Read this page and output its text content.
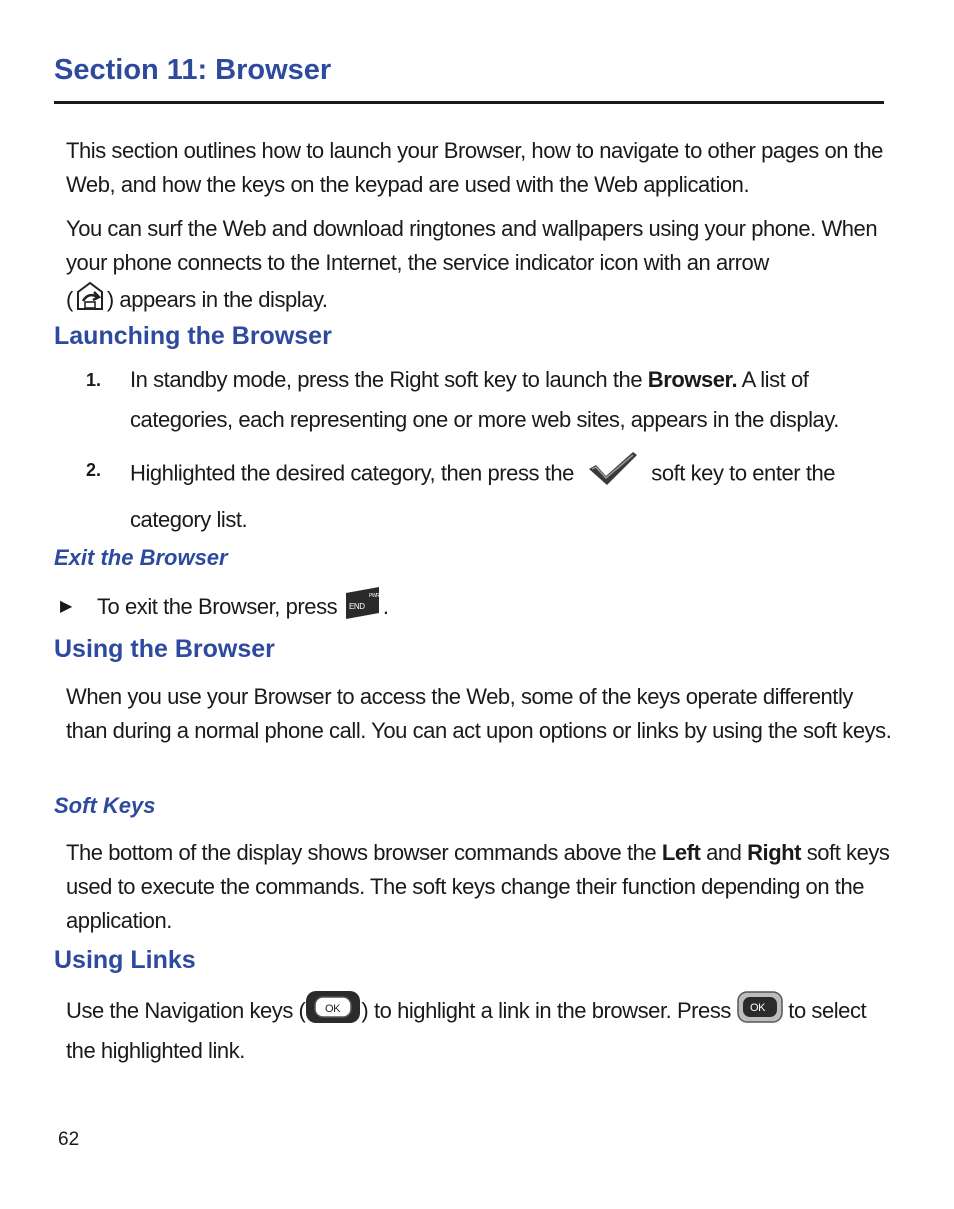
Section 11: Browser

This section outlines how to launch your Browser, how to navigate to other pages on the Web, and how the keys on the keypad are used with the Web application.

You can surf the Web and download ringtones and wallpapers using your phone. When your phone connects to the Internet, the service indicator icon with an arrow
( ) appears in the display.

Launching the Browser
1. In standby mode, press the Right soft key to launch the Browser. A list of categories, each representing one or more web sites, appears in the display.

2. Highlighted the desired category, then press the	soft key to enter the category list.

Exit the Browser
▶ To exit the Browser, press END
PWR .

Using the Browser

When you use your Browser to access the Web, some of the keys operate differently than during a normal phone call. You can act upon options or links by using the soft keys.

Soft Keys

The bottom of the display shows browser commands above the Left and Right soft keys used to execute the commands. The soft keys change their function depending on the application.

Using Links

Use the Navigation keys ( OK ) to highlight a link in the browser. Press OK to select the highlighted link.

62
